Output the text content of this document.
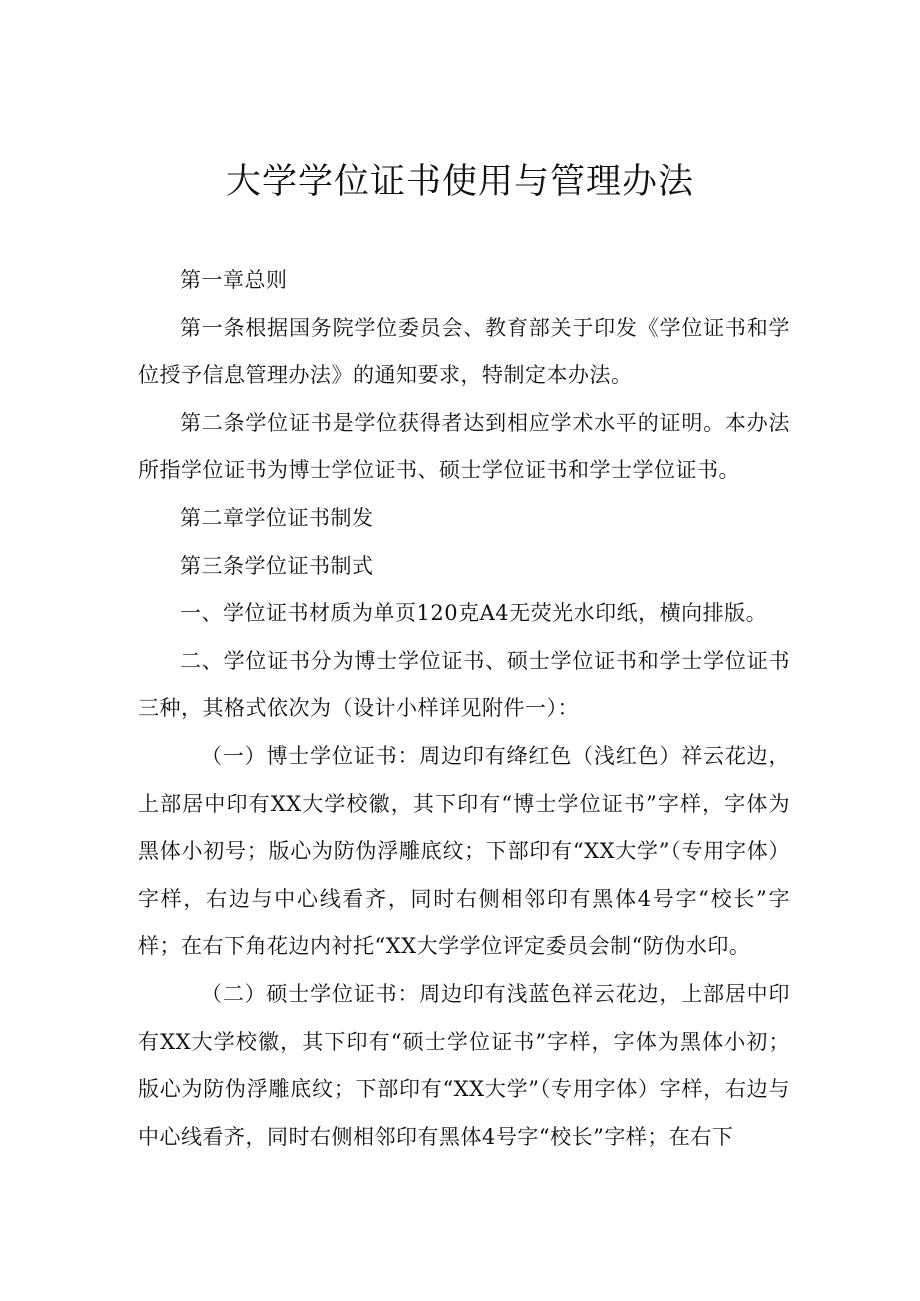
大学学位证书使用与管理办法

第一章总则

第一条根据国务院学位委员会、教育部关于印发《学位证书和学位授予信息管理办法》的通知要求，特制定本办法。

第二条学位证书是学位获得者达到相应学术水平的证明。本办法所指学位证书为博士学位证书、硕士学位证书和学士学位证书。

第二章学位证书制发

第三条学位证书制式

一、学位证书材质为单页120克A4无荧光水印纸，横向排版。

二、学位证书分为博士学位证书、硕士学位证书和学士学位证书三种，其格式依次为（设计小样详见附件一）：

（一）博士学位证书：周边印有绛红色（浅红色）祥云花边，上部居中印有XX大学校徽，其下印有“博士学位证书”字样，字体为黑体小初号；版心为防伪浮雕底纹；下部印有“XX大学”（专用字体）字样，右边与中心线看齐，同时右侧相邻印有黑体4号字“校长”字样；在右下角花边内衬托“XX大学学位评定委员会制“防伪水印。

（二）硕士学位证书：周边印有浅蓝色祥云花边，上部居中印有XX大学校徽，其下印有“硕士学位证书”字样，字体为黑体小初；版心为防伪浮雕底纹；下部印有“XX大学”（专用字体）字样，右边与中心线看齐，同时右侧相邻印有黑体4号字“校长”字样；在右下
